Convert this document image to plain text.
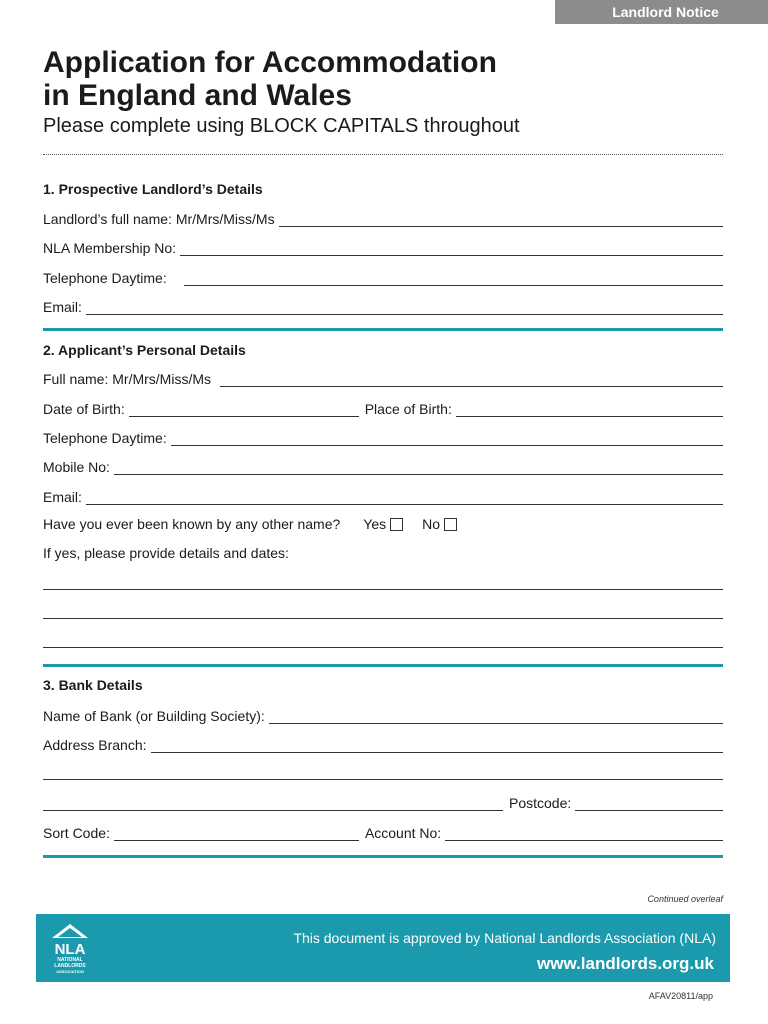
Landlord Notice
Application for Accommodation
in England and Wales
Please complete using BLOCK CAPITALS throughout
1. Prospective Landlord’s Details
Landlord’s full name: Mr/Mrs/Miss/Ms
NLA Membership No:
Telephone Daytime:
Email:
2. Applicant’s Personal Details
Full name: Mr/Mrs/Miss/Ms
Date of Birth:	Place of Birth:
Telephone Daytime:
Mobile No:
Email:
Have you ever been known by any other name? Yes	No
If yes, please provide details and dates:
3. Bank Details
Name of Bank (or Building Society):
Address Branch:
Postcode:
Sort Code:	Account No:
Continued overleaf
NLA
NATIONAL
LANDLORDS
ASSOCIATION
This document is approved by National Landlords Association (NLA)
www.landlords.org.uk
AFAV20811/app
